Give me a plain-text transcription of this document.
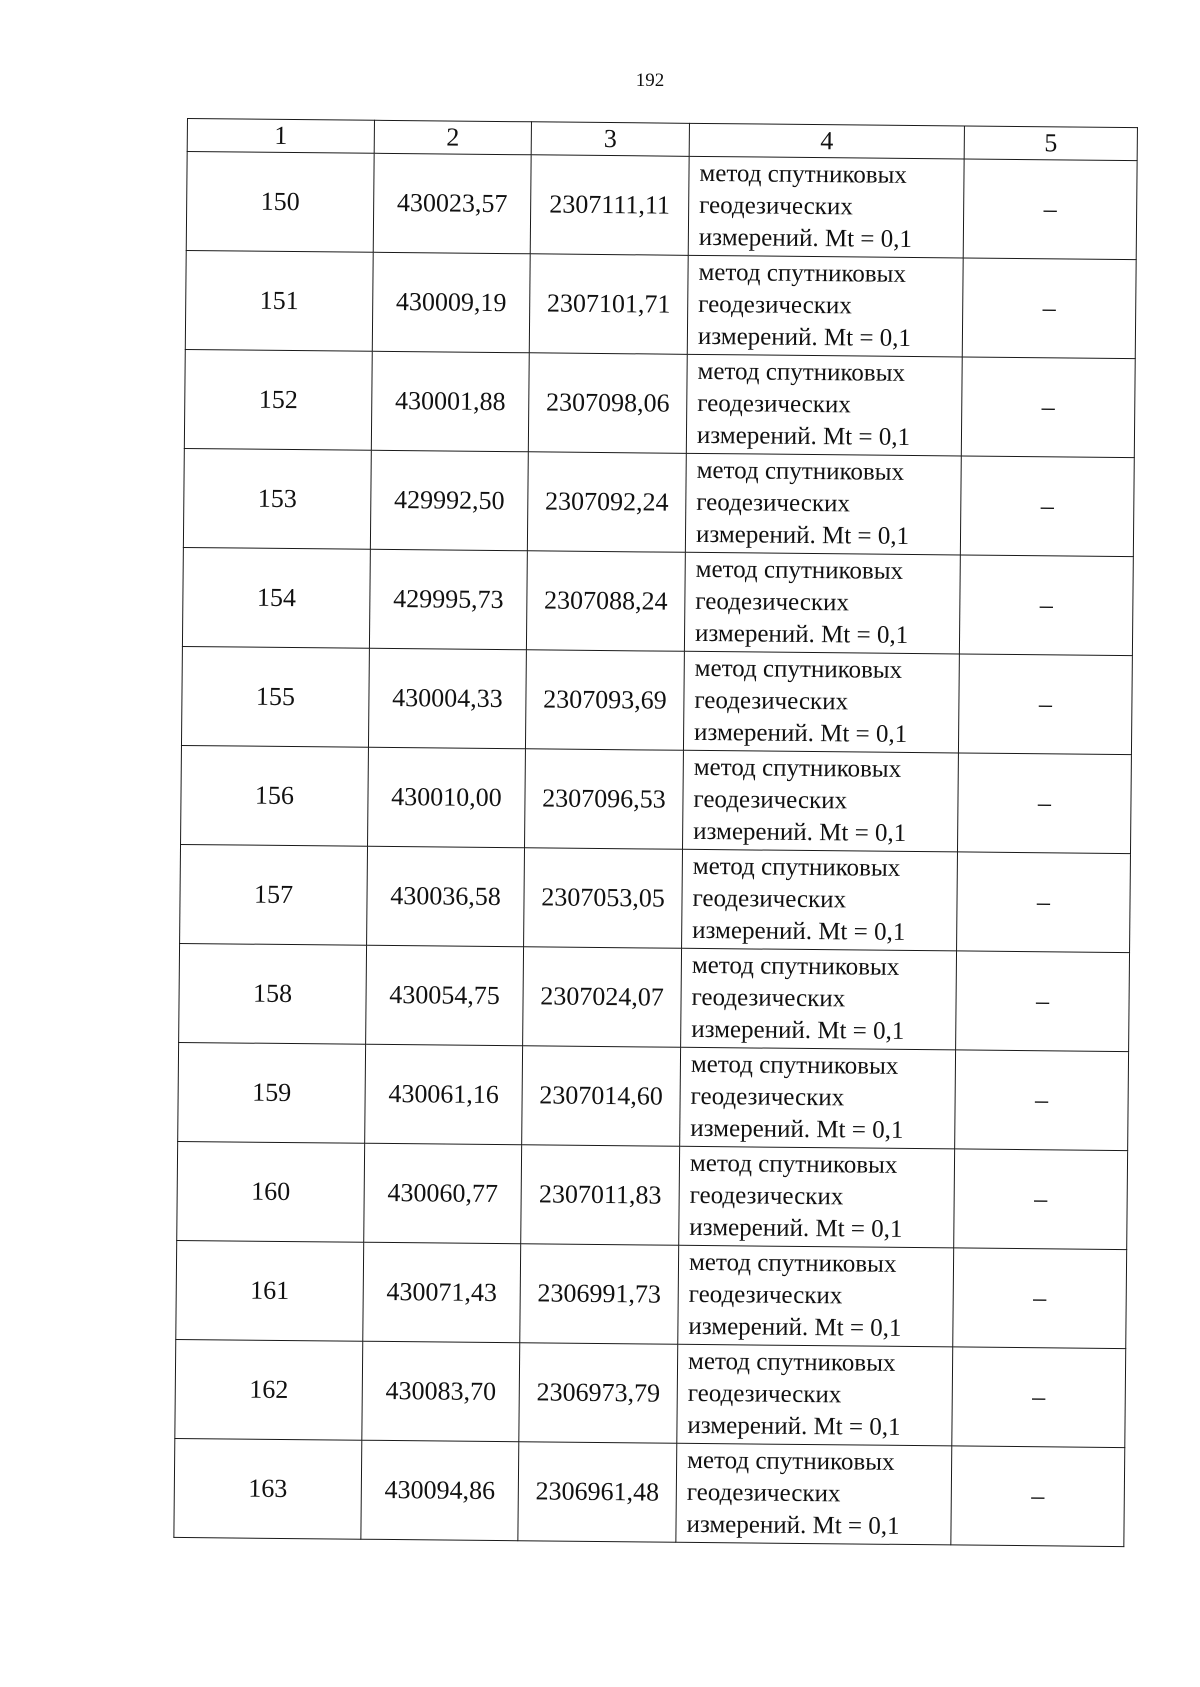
192
1	2	3	4	5
150	430023,57	2307111,11	метод спутниковых
геодезических
измерений. Mt = 0,1	–
151	430009,19	2307101,71	метод спутниковых
геодезических
измерений. Mt = 0,1	–
152	430001,88	2307098,06	метод спутниковых
геодезических
измерений. Mt = 0,1	–
153	429992,50	2307092,24	метод спутниковых
геодезических
измерений. Mt = 0,1	–
154	429995,73	2307088,24	метод спутниковых
геодезических
измерений. Mt = 0,1	–
155	430004,33	2307093,69	метод спутниковых
геодезических
измерений. Mt = 0,1	–
156	430010,00	2307096,53	метод спутниковых
геодезических
измерений. Mt = 0,1	–
157	430036,58	2307053,05	метод спутниковых
геодезических
измерений. Mt = 0,1	–
158	430054,75	2307024,07	метод спутниковых
геодезических
измерений. Mt = 0,1	–
159	430061,16	2307014,60	метод спутниковых
геодезических
измерений. Mt = 0,1	–
160	430060,77	2307011,83	метод спутниковых
геодезических
измерений. Mt = 0,1	–
161	430071,43	2306991,73	метод спутниковых
геодезических
измерений. Mt = 0,1	–
162	430083,70	2306973,79	метод спутниковых
геодезических
измерений. Mt = 0,1	–
163	430094,86	2306961,48	метод спутниковых
геодезических
измерений. Mt = 0,1	–
